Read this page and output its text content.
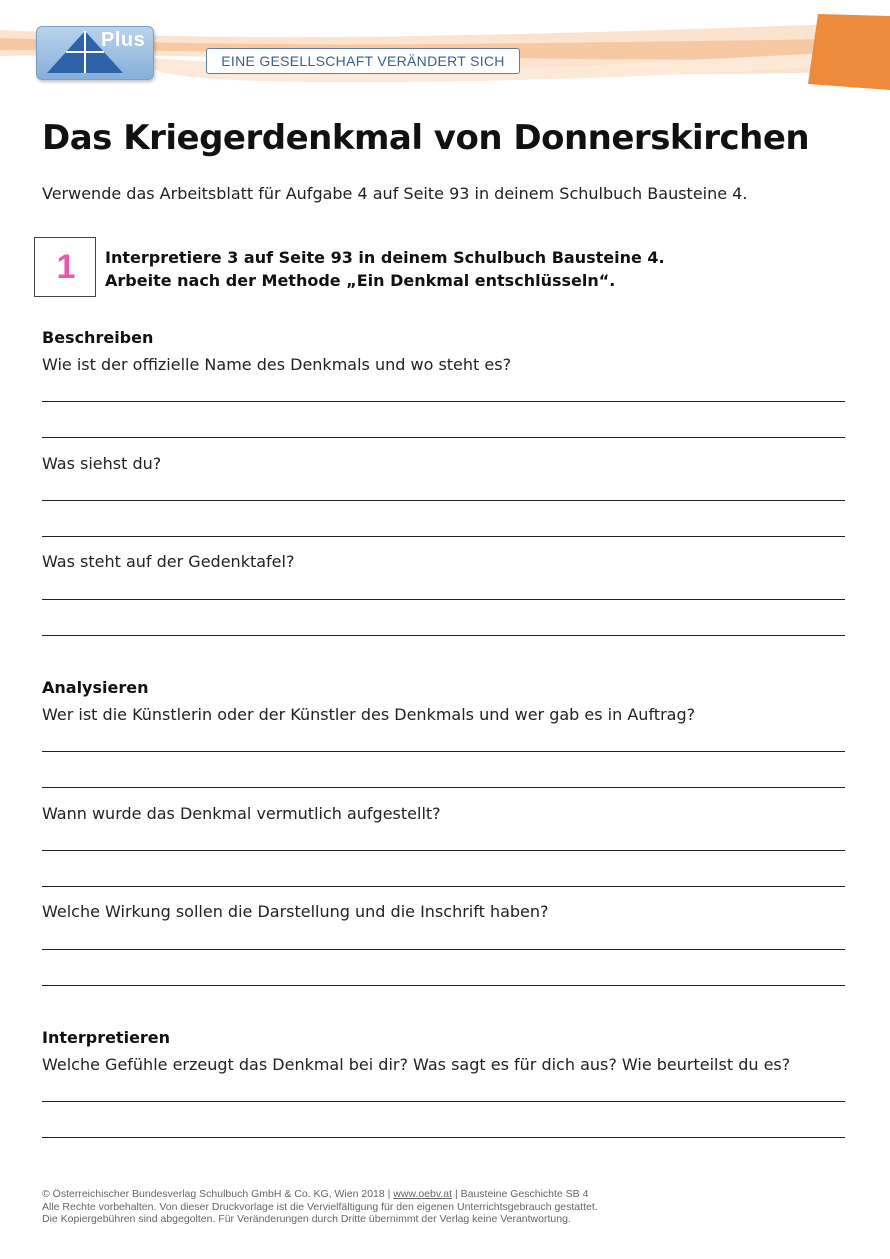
Plus
EINE GESELLSCHAFT VERÄNDERT SICH
Das Kriegerdenkmal von Donnerskirchen
Verwende das Arbeitsblatt für Aufgabe 4 auf Seite 93 in deinem Schulbuch Bausteine 4.
1	Interpretiere 3 auf Seite 93 in deinem Schulbuch Bausteine 4.
Arbeite nach der Methode „Ein Denkmal entschlüsseln“.
Beschreiben
Wie ist der offizielle Name des Denkmals und wo steht es?
Was siehst du?
Was steht auf der Gedenktafel?
Analysieren
Wer ist die Künstlerin oder der Künstler des Denkmals und wer gab es in Auftrag?
Wann wurde das Denkmal vermutlich aufgestellt?
Welche Wirkung sollen die Darstellung und die Inschrift haben?
Interpretieren
Welche Gefühle erzeugt das Denkmal bei dir? Was sagt es für dich aus? Wie beurteilst du es?
© Österreichischer Bundesverlag Schulbuch GmbH & Co. KG, Wien 2018 | www.oebv.at | Bausteine Geschichte SB 4
Alle Rechte vorbehalten. Von dieser Druckvorlage ist die Vervielfältigung für den eigenen Unterrichtsgebrauch gestattet.
Die Kopiergebühren sind abgegolten. Für Veränderungen durch Dritte übernimmt der Verlag keine Verantwortung.
